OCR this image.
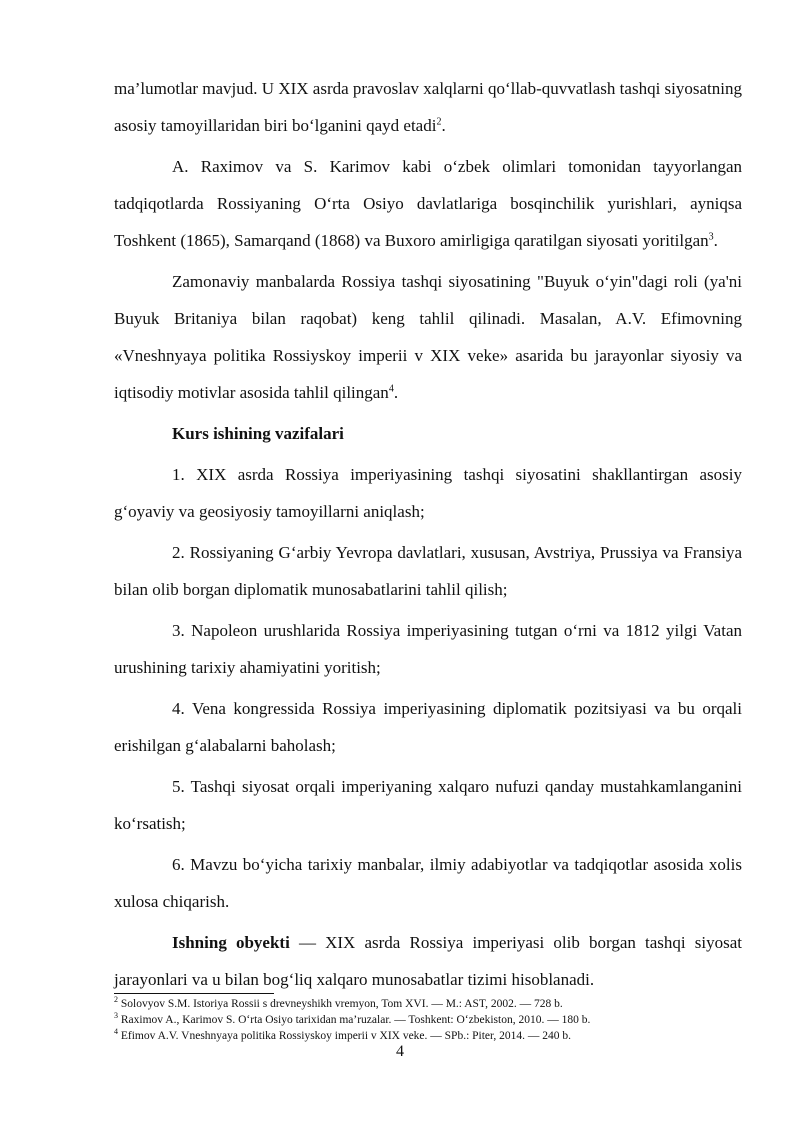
ma’lumotlar mavjud. U XIX asrda pravoslav xalqlarni qo‘llab-quvvatlash tashqi siyosatning asosiy tamoyillaridan biri bo‘lganini qayd etadi$^2$.

A. Raximov va S. Karimov kabi o‘zbek olimlari tomonidan tayyorlangan tadqiqotlarda Rossiyaning O‘rta Osiyo davlatlariga bosqinchilik yurishlari, ayniqsa Toshkent (1865), Samarqand (1868) va Buxoro amirligiga qaratilgan siyosati yoritilgan$^3$.

Zamonaviy manbalarda Rossiya tashqi siyosatining "Buyuk o‘yin"dagi roli (ya'ni Buyuk Britaniya bilan raqobat) keng tahlil qilinadi. Masalan, A.V. Efimovning «Vneshnyaya politika Rossiyskoy imperii v XIX veke» asarida bu jarayonlar siyosiy va iqtisodiy motivlar asosida tahlil qilingan$^4$.

Kurs ishining vazifalari

1. XIX asrda Rossiya imperiyasining tashqi siyosatini shakllantirgan asosiy g‘oyaviy va geosiyosiy tamoyillarni aniqlash;

2. Rossiyaning G‘arbiy Yevropa davlatlari, xususan, Avstriya, Prussiya va Fransiya bilan olib borgan diplomatik munosabatlarini tahlil qilish;

3. Napoleon urushlarida Rossiya imperiyasining tutgan o‘rni va 1812 yilgi Vatan urushining tarixiy ahamiyatini yoritish;

4. Vena kongressida Rossiya imperiyasining diplomatik pozitsiyasi va bu orqali erishilgan g‘alabalarni baholash;

5. Tashqi siyosat orqali imperiyaning xalqaro nufuzi qanday mustahkamlanganini ko‘rsatish;

6. Mavzu bo‘yicha tarixiy manbalar, ilmiy adabiyotlar va tadqiqotlar asosida xolis xulosa chiqarish.

Ishning obyekti — XIX asrda Rossiya imperiyasi olib borgan tashqi siyosat jarayonlari va u bilan bog‘liq xalqaro munosabatlar tizimi hisoblanadi.

$^2$ Solovyov S.M. Istoriya Rossii s drevneyshikh vremyon, Tom XVI. — M.: AST, 2002. — 728 b.

$^3$ Raximov A., Karimov S. O‘rta Osiyo tarixidan ma’ruzalar. — Toshkent: O‘zbekiston, 2010. — 180 b.

$^4$ Efimov A.V. Vneshnyaya politika Rossiyskoy imperii v XIX veke. — SPb.: Piter, 2014. — 240 b.

4
